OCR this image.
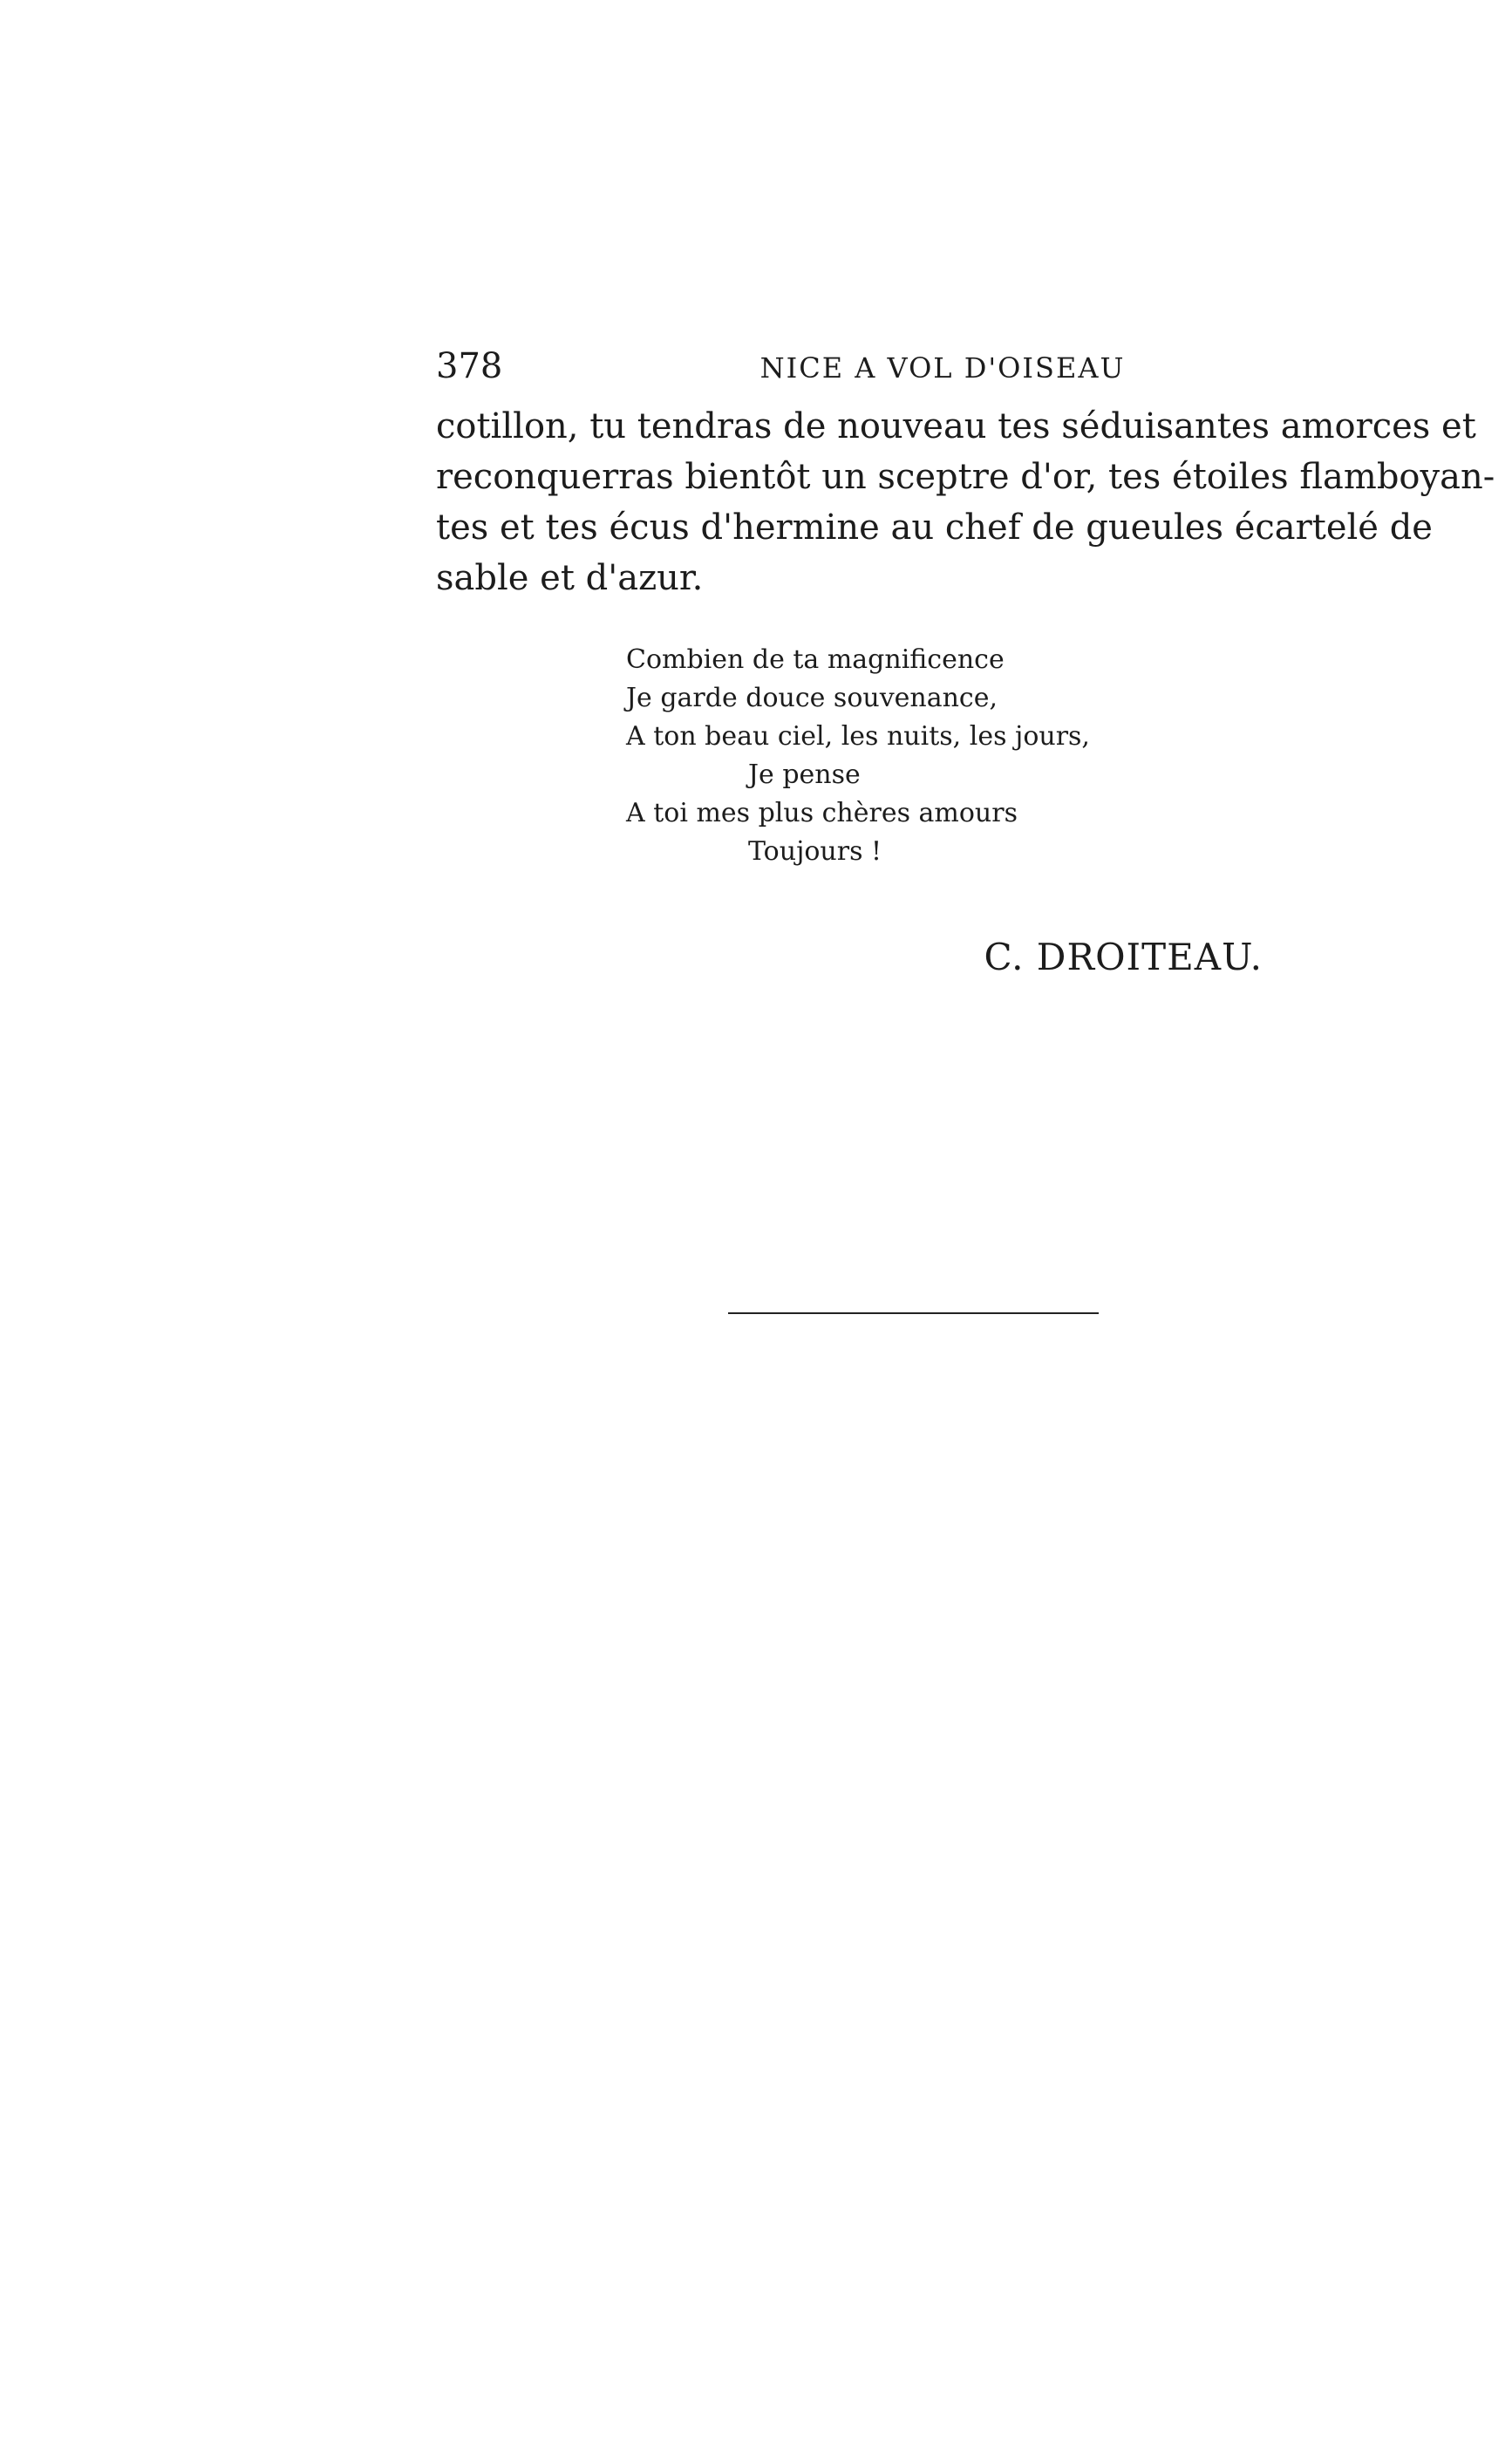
378	NICE A VOL D'OISEAU
cotillon, tu tendras de nouveau tes séduisantes amorces et
reconquerras bientôt un sceptre d'or, tes étoiles flamboyan-
tes et tes écus d'hermine au chef de gueules écartelé de
sable et d'azur.
Combien de ta magnificence
Je garde douce souvenance,
A ton beau ciel, les nuits, les jours,
Je pense
A toi mes plus chères amours
Toujours !
C. DROITEAU.
